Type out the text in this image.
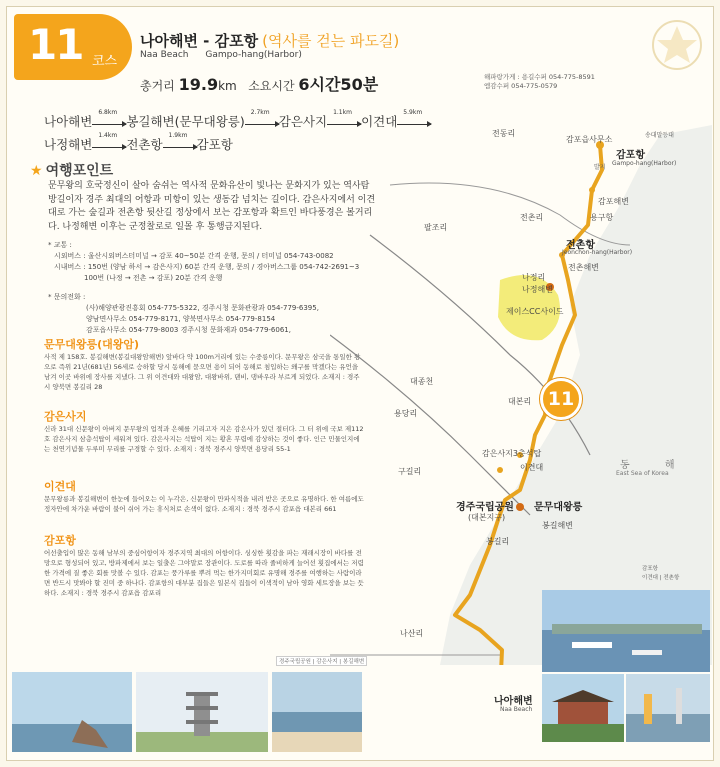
11 코스
나아해변 - 감포항 (역사를 걷는 파도길)
Naa Beach Gampo-hang(Harbor)
총거리 19.9km 소요시간 6시간50분	해파랑가게 : 용길수퍼 054-775-8591
엠감수퍼 054-775-0579
나아해변
6.8km
봉길해변(문무대왕릉)
2.7km
감은사지
1.1km
이견대
5.9km
나정해변
1.4km
전촌항
1.9km
감포항
★ 여행포인트
문무왕의 호국정신이 살아 숨쉬는 역사적 문화유산이 빛나는 문화지가 있는 역사탐방길이자 경주 최대의 어항과 미항이 있는 생동감 넘치는 길이다. 감은사지에서 이견대로 가는 숲길과 전촌항 뒷산길 정상에서 보는 감포항과 확트인 바다풍경은 볼거리다. 나정해변 이후는 군정찰로로 일몰 후 통행금지된다.
* 교통 :
시외버스 : 울산시외버스터미널 → 감포 40~50분 간격 운행, 문의 / 터미널 054-743-0082
시내버스 : 150번 (양남 하서 → 감은사지) 60분 간격 운행, 문의 / 경아버스그룹 054-742-2691~3
100번 (나정 → 전촌 → 감포) 20분 간격 운행
* 문의전화 :
(사)해양관광진흥회 054-775-5322, 경주시청 문화관광과 054-779-6395,
양남면사무소 054-779-8171, 양북면사무소 054-779-8154
감포읍사무소 054-779-8003 경주시청 문화재과 054-779-6061,
문무대왕릉(대왕암)
사적 제 158호. 봉길해변(봉길대왕암해변) 앞바다 약 100m거리에 있는 수중릉이다. 문무왕은 삼국을 통일한 왕으로 즉위 21년(681년) 56세로 승하할 당시 동해에 묻으면 용이 되어 동해로 침입하는 왜구를 막겠다는 유언을 남겨 이곳 바위에 장사를 지냈다. 그 위 이견대와 대왕암, 대왕바위, 댄비, 댕바우라 부르게 되었다. 소재지 : 경주시 양북면 봉길리 28
감은사지
신라 31대 신문왕이 아버지 문무왕의 업적과 은혜를 기리고자 지은 감은사가 있던 절터다. 그 터 위에 국보 제112호 감은사지 삼층석탑이 세워져 있다. 감은사지는 석탑이 지는 황혼 무렵에 감상하는 것이 좋다. 인근 민물인지에는 천연기념물 두루미 무리를 구경할 수 있다. 소재지 : 경북 경주시 양북면 용당리 55-1
이견대
문무왕릉과 봉길해변이 한눈에 들어오는 이 누각은, 신문왕이 만파식적을 내려 받은 곳으로 유명하다. 한 여름에도 정자안에 차가운 바람이 불어 쉬어 가는 휴식처로 손색이 없다. 소재지 : 경북 경주시 감포읍 대본리 661
감포항
어선출입이 많은 동해 남부의 중심어항이자 경주지역 최대의 어항이다. 싱싱한 횟감을 파는 재래시장이 바다를 전망으로 형성되어 있고, 방파제에서 보는 일출은 그야말로 장관이다. 도로를 따라 줄비하게 늘어선 횟집에서는 저렴한 가격에 질 좋은 회를 맛볼 수 있다. 감포는 풍가루를 뿌려 먹는 한가지미회로 유명해 경주를 여행하는 사람이라면 반드시 맛봐야 할 진미 중 하나다. 감포항의 대부분 집들은 일본식 집들이 이색적이 남아 영화 세트장을 보는 듯 하다. 소재지 : 경북 경주시 감포읍 감포리
11
전동리
감포읍사무소	송대말등대
감포항
Gampo-hang(Harbor)
발지
감포해변
용구항
전촌리
팔조리
전촌항
Jeonchon-hang(Harbor)
전촌해변
나정리
나정해변
제이스CC사이드
대본리
용당리
대종천
이견대
감은사지3층석탑
동 해
East Sea of Korea
구길리
경주국립공원
(대본지구)
문무대왕릉
봉길해변
봉길리
나산리
나아해변
Naa Beach
감포항
이견대 | 전촌항
경주국립공원 | 감은사지 | 봉길해변
